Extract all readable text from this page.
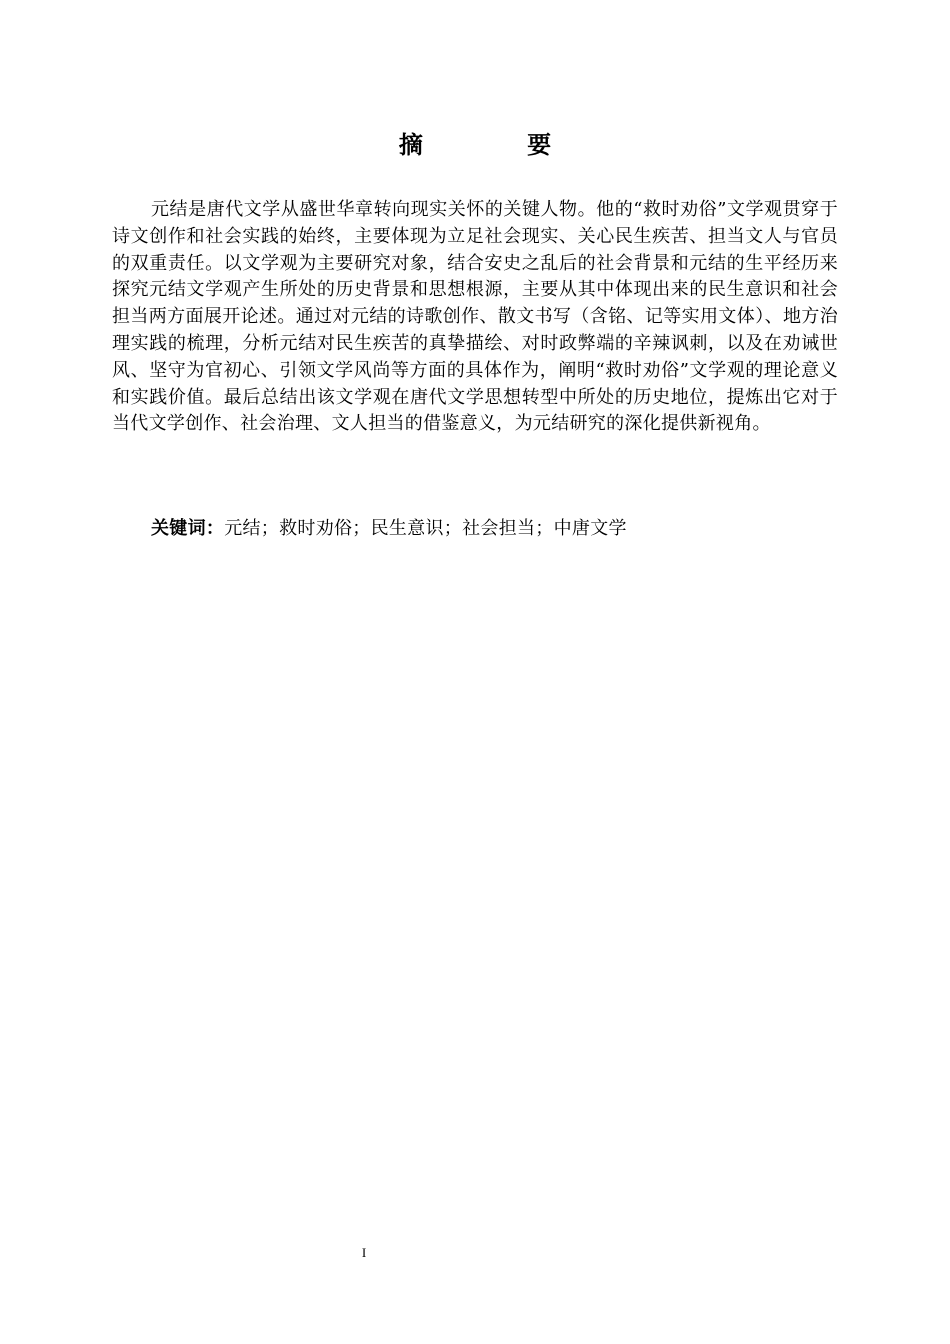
摘 要

元结是唐代文学从盛世华章转向现实关怀的关键人物。他的“救时劝俗”文学观贯穿于诗文创作和社会实践的始终，主要体现为立足社会现实、关心民生疾苦、担当文人与官员的双重责任。以文学观为主要研究对象，结合安史之乱后的社会背景和元结的生平经历来探究元结文学观产生所处的历史背景和思想根源，主要从其中体现出来的民生意识和社会担当两方面展开论述。通过对元结的诗歌创作、散文书写（含铭、记等实用文体）、地方治理实践的梳理，分析元结对民生疾苦的真挚描绘、对时政弊端的辛辣讽刺，以及在劝诫世风、坚守为官初心、引领文学风尚等方面的具体作为，阐明“救时劝俗”文学观的理论意义和实践价值。最后总结出该文学观在唐代文学思想转型中所处的历史地位，提炼出它对于当代文学创作、社会治理、文人担当的借鉴意义，为元结研究的深化提供新视角。

关键词：元结；救时劝俗；民生意识；社会担当；中唐文学

I
